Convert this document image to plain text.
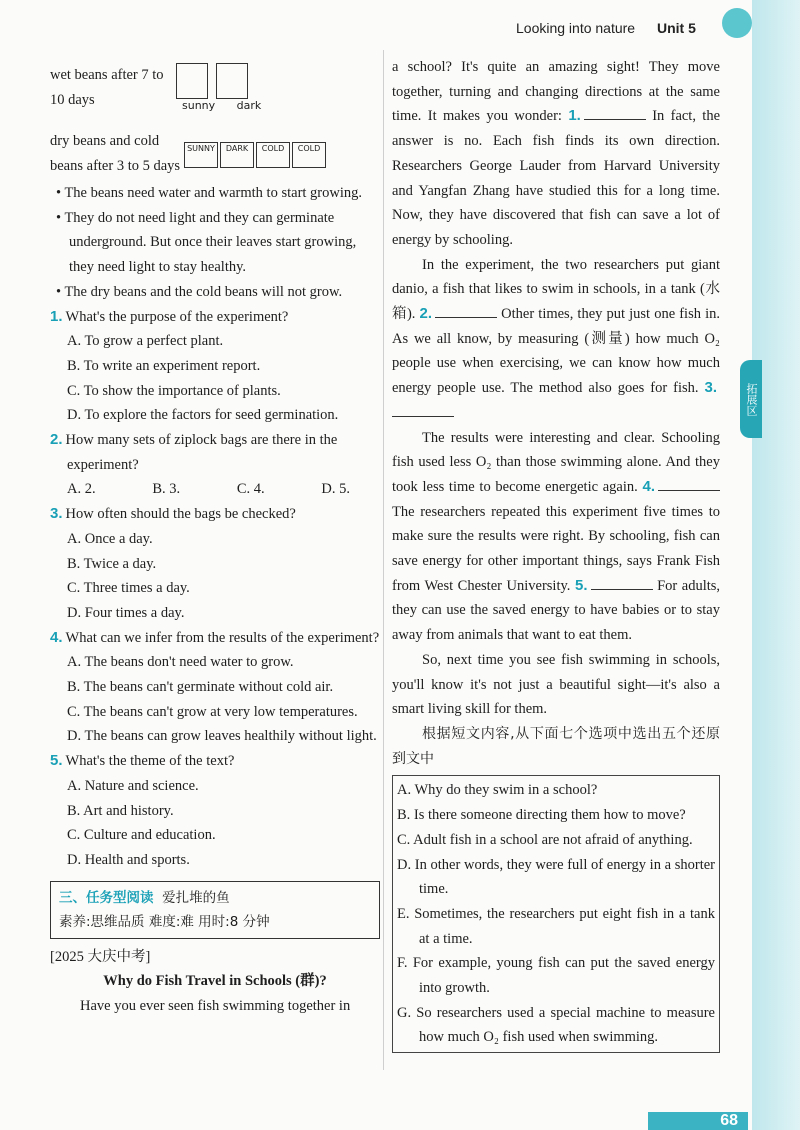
Looking into nature Unit 5
拓展区
wet beans after 7 to 10 days
	sunny dark
dry beans and cold beans after 3 to 5 days
SUNNY DARK COLD COLD
• The beans need water and warmth to start growing.
• They do not need light and they can germinate underground. But once their leaves start growing, they need light to stay healthy.
• The dry beans and the cold beans will not grow.
1. What's the purpose of the experiment?
A. To grow a perfect plant.
B. To write an experiment report.
C. To show the importance of plants.
D. To explore the factors for seed germination.
2. How many sets of ziplock bags are there in the experiment?
A. 2.	B. 3.	C. 4.	D. 5.
3. How often should the bags be checked?
A. Once a day.
B. Twice a day.
C. Three times a day.
D. Four times a day.
4. What can we infer from the results of the experiment?
A. The beans don't need water to grow.
B. The beans can't germinate without cold air.
C. The beans can't grow at very low temperatures.
D. The beans can grow leaves healthily without light.
5. What's the theme of the text?
A. Nature and science.
B. Art and history.
C. Culture and education.
D. Health and sports.
三、任务型阅读 爱扎堆的鱼
素养:思维品质 难度:难 用时:8 分钟
[2025 大庆中考]
Why do Fish Travel in Schools (群)?
Have you ever seen fish swimming together in
a school? It's quite an amazing sight! They move together, turning and changing directions at the same time. It makes you wonder: 1.	In fact, the answer is no. Each fish finds its own direction. Researchers George Lauder from Harvard University and Yangfan Zhang have studied this for a long time. Now, they have discovered that fish can save a lot of energy by schooling.
In the experiment, the two researchers put giant danio, a fish that likes to swim in schools, in a tank (水箱). 2.	Other times, they put just one fish in. As we all know, by measuring (测量) how much O₂ people use when exercising, we can know how much energy people use. The method also goes for fish. 3.
The results were interesting and clear. Schooling fish used less O₂ than those swimming alone. And they took less time to become energetic again. 4. The researchers repeated this experiment five times to make sure the results were right. By schooling, fish can save energy for other important things, says Frank Fish from West Chester University. 5.	For adults, they can use the saved energy to have babies or to stay away from animals that want to eat them.
So, next time you see fish swimming in schools, you'll know it's not just a beautiful sight—it's also a smart living skill for them.
根据短文内容,从下面七个选项中选出五个还原到文中
A. Why do they swim in a school?
B. Is there someone directing them how to move?
C. Adult fish in a school are not afraid of anything.
D. In other words, they were full of energy in a shorter time.
E. Sometimes, the researchers put eight fish in a tank at a time.
F. For example, young fish can put the saved energy into growth.
G. So researchers used a special machine to measure how much O₂ fish used when swimming.
68
